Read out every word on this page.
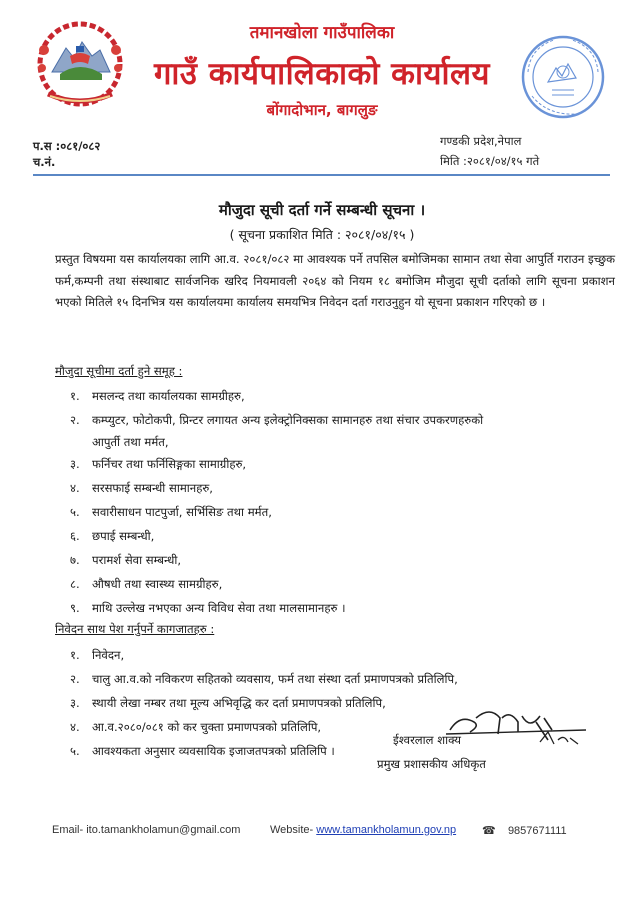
तमानखोला गाउँपालिका
गाउँ कार्यपालिकाको कार्यालय
बोंगादोभान, बागलुङ
प.स :०८१/०८२
च.नं.
गण्डकी प्रदेश,नेपाल
मिति :२०८१/०४/१५ गते
मौजुदा सूची दर्ता गर्ने सम्बन्धी सूचना ।
( सूचना प्रकाशित मिति : २०८१/०४/१५ )
प्रस्तुत विषयमा यस कार्यालयका लागि आ.व. २०८१/०८२ मा आवश्यक पर्ने तपसिल बमोजिमका सामान तथा सेवा आपुर्ति गराउन इच्छुक फर्म,कम्पनी तथा संस्थाबाट सार्वजनिक खरिद नियमावली २०६४ को नियम १८ बमोजिम मौजुदा सूची दर्ताको लागि सूचना प्रकाशन भएको मितिले १५ दिनभित्र यस कार्यालयमा कार्यालय समयभित्र निवेदन दर्ता गराउनुहुन यो सूचना प्रकाशन गरिएको छ ।
मौजुदा सूचीमा दर्ता हुने समूह :
१. मसलन्द तथा कार्यालयका सामग्रीहरु,
२. कम्प्युटर, फोटोकपी, प्रिन्टर लगायत अन्य इलेक्ट्रोनिक्सका सामानहरु तथा संचार उपकरणहरुको
आपुर्ती तथा मर्मत,
३. फर्निचर तथा फर्निसिङ्गका सामाग्रीहरु,
४. सरसफाई सम्बन्धी सामानहरु,
५. सवारीसाधन पाटपुर्जा, सर्भिसिङ तथा मर्मत,
६. छपाई सम्बन्धी,
७. परामर्श सेवा सम्बन्धी,
८. औषधी तथा स्वास्थ्य सामग्रीहरु,
९. माथि उल्लेख नभएका अन्य विविध सेवा तथा मालसामानहरु ।
निवेदन साथ पेश गर्नुपर्ने कागजातहरु :
१. निवेदन,
२. चालु आ.व.को नविकरण सहितको व्यवसाय, फर्म तथा संस्था दर्ता प्रमाणपत्रको प्रतिलिपि,
३. स्थायी लेखा नम्बर तथा मूल्य अभिवृद्धि कर दर्ता प्रमाणपत्रको प्रतिलिपि,
४. आ.व.२०८०/०८१ को कर चुक्ता प्रमाणपत्रको प्रतिलिपि,
५. आवश्यकता अनुसार व्यवसायिक इजाजतपत्रको प्रतिलिपि ।
ईश्वरलाल शाक्य
प्रमुख प्रशासकीय अधिकृत
Email- ito.tamankholamun@gmail.com	Website- www.tamankholamun.gov.np ☎ 9857671111
